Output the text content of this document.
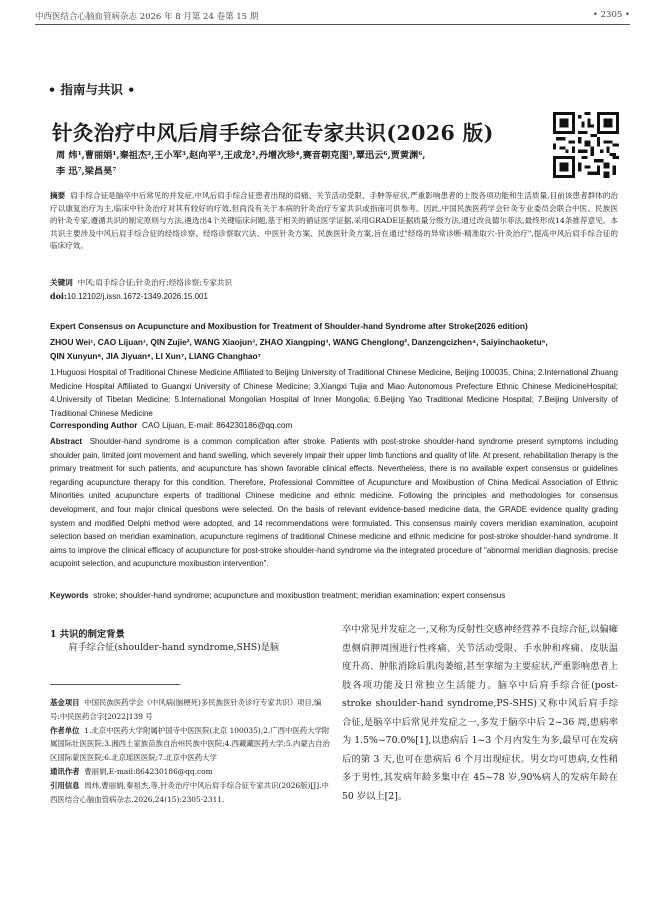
中西医结合心脑血管病杂志 2026 年 8 月第 24 卷第 15 期	• 2305 •
• 指南与共识 •
针灸治疗中风后肩手综合征专家共识(2026 版)
周 炜¹,曹丽娟¹,秦祖杰²,王小军³,赵向平³,王成龙²,丹增次珍⁴,赛音朝克图⁵,覃迅云⁶,贾黄渊⁶,
李 迅⁷,梁昌昊⁷
摘要 肩手综合征是脑卒中后常见的并发症,中风后肩手综合征患者出现的肩痛、关节活动受限、手肿等症状,严重影响患者的上肢各项功能和生活质量,目前该患者群体的治疗以康复治疗为主,临床中针灸治疗对其有较好的疗效,但尚没有关于本病的针灸治疗专家共识或指南可供参考。因此,中国民族医药学会针灸专业委员会联合中医、民族医的针灸专家,遵循共识的制定原则与方法,遴选出4个关键临床问题,基于相关的循证医学证据,采用GRADE证据质量分级方法,通过改良德尔菲法,最终形成14条推荐意见。本共识主要涉及中风后肩手综合征的经络诊察、经络诊察取穴法、中医针灸方案、民族医针灸方案,旨在通过"经络的异常诊断-精准取穴-针灸治疗",提高中风后肩手综合征的临床疗效。
关键词 中风;肩手综合征;针灸治疗;经络诊察;专家共识
doi:10.12102/j.issn.1672-1349.2026.15.001
Expert Consensus on Acupuncture and Moxibustion for Treatment of Shoulder-hand Syndrome after Stroke(2026 edition)
ZHOU Wei¹, CAO Lijuan¹, QIN Zujie², WANG Xiaojun³, ZHAO Xiangping³, WANG Chenglong², Danzengcizhen⁴, Saiyinchaoketu⁵,
QIN Xunyun⁶, JIA Jiyuan⁶, LI Xun⁷, LIANG Changhao⁷
1.Huguosi Hospital of Traditional Chinese Medicine Affiliated to Beijing University of Traditional Chinese Medicine, Beijing 100035, China; 2.International Zhuang Medicine Hospital Affiliated to Guangxi University of Chinese Medicine; 3.Xiangxi Tujia and Miao Autonomous Prefecture Ethnic Chinese MedicineHospital; 4.University of Tibetan Medicine; 5.International Mongolian Hospital of Inner Mongolia; 6.Beijing Yao Traditional Medicine Hospital; 7.Beijing University of Traditional Chinese Medicine
Corresponding Author CAO Lijuan, E-mail: 864230186@qq.com
Abstract Shoulder-hand syndrome is a common complication after stroke. Patients with post-stroke shoulder-hand syndrome present symptoms including shoulder pain, limited joint movement and hand swelling, which severely impair their upper limb functions and quality of life. At present, rehabilitation therapy is the primary treatment for such patients, and acupuncture has shown favorable clinical effects. Nevertheless, there is no available expert consensus or guidelines regarding acupuncture therapy for this condition. Therefore, Professional Committee of Acupuncture and Moxibustion of China Medical Association of Ethnic Minorities united acupuncture experts of traditional Chinese medicine and ethnic medicine. Following the principles and methodologies for consensus development, and four major clinical questions were selected. On the basis of relevant evidence-based medicine data, the GRADE evidence quality grading system and modified Delphi method were adopted, and 14 recommendations were formulated. This consensus mainly covers meridian examination, acupoint selection based on meridian examination, acupuncture regimens of traditional Chinese medicine and ethnic medicine for post-stroke shoulder-hand syndrome. It aims to improve the clinical efficacy of acupuncture for post-stroke shoulder-hand syndrome via the integrated procedure of "abnormal meridian diagnosis, precise acupoint selection, and acupuncture moxibustion intervention".
Keywords stroke; shoulder-hand syndrome; acupuncture and moxibustion treatment; meridian examination; expert consensus
1 共识的制定背景
肩手综合征(shoulder-hand syndrome,SHS)是脑
基金项目 中国民族医药学会《中风病(脑梗死)多民族医针灸诊疗专家共识》项目,编号:中民医药合字[2022]139 号
作者单位 1.北京中医药大学附属护国寺中医医院(北京 100035);2.广西中医药大学附属国际壮医医院;3.湘西土家族苗族自治州民族中医院;4.西藏藏医药大学;5.内蒙古自治区国际蒙医医院;6.北京瑶医医院;7.北京中医药大学
通讯作者 曹丽娟,E-mail:864230186@qq.com
引用信息 周炜,曹丽娟,秦祖杰,等.针灸治疗中风后肩手综合征专家共识(2026版)[J].中西医结合心脑血管病杂志,2026,24(15):2305-2311.
卒中常见并发症之一,又称为反射性交感神经营养不良综合征,以偏瘫患侧肩胛周围进行性疼痛、关节活动受限、手水肿和疼痛、皮肤温度升高、肿胀消除后肌肉萎缩,甚至挛缩为主要症状,严重影响患者上肢各项功能及日常独立生活能力。脑卒中后肩手综合征(post-stroke shoulder-hand syndrome,PS-SHS)又称中风后肩手综合征,是脑卒中后常见并发症之一,多发于脑卒中后 2~36 周,患病率为 1.5%~70.0%[1],以患病后 1~3 个月内发生为多,最早可在发病后的第 3 天,也可在患病后 6 个月出现症状。男女均可患病,女性稍多于男性,其发病年龄多集中在 45~78 岁,90%病人的发病年龄在 50 岁以上[2]。
